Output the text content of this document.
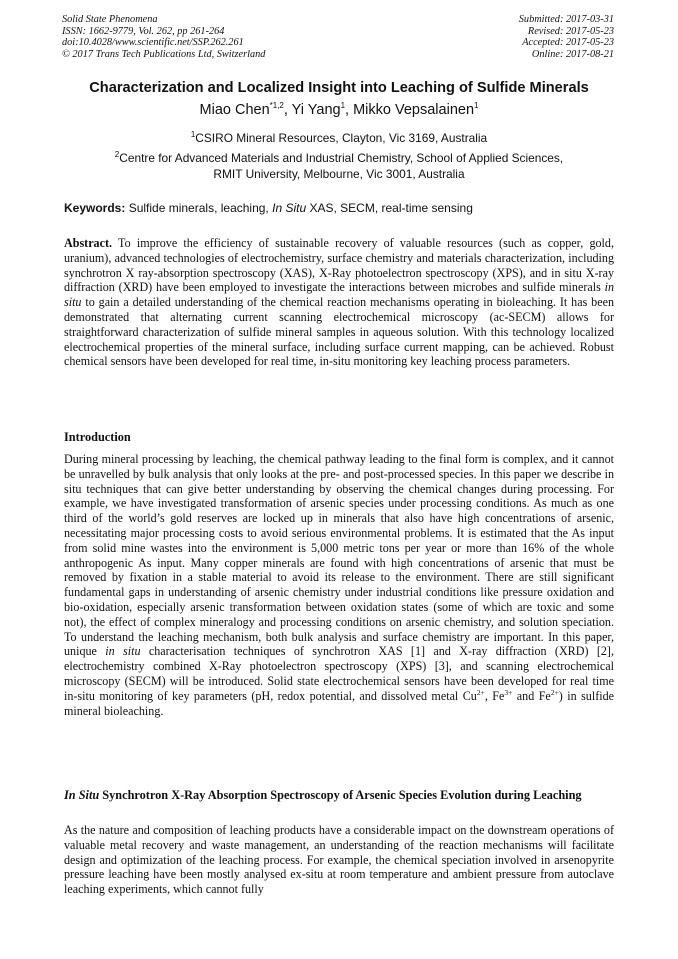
Solid State Phenomena
ISSN: 1662-9779, Vol. 262, pp 261-264
doi:10.4028/www.scientific.net/SSP.262.261
© 2017 Trans Tech Publications Ltd, Switzerland
Submitted: 2017-03-31
Revised: 2017-05-23
Accepted: 2017-05-23
Online: 2017-08-21
Characterization and Localized Insight into Leaching of Sulfide Minerals
Miao Chen$^{*1,2}$, Yi Yang$^1$, Mikko Vepsalainen$^1$
$^1$CSIRO Mineral Resources, Clayton, Vic 3169, Australia
$^2$Centre for Advanced Materials and Industrial Chemistry, School of Applied Sciences,
RMIT University, Melbourne, Vic 3001, Australia
Keywords: Sulfide minerals, leaching, In Situ XAS, SECM, real-time sensing
Abstract. To improve the efficiency of sustainable recovery of valuable resources (such as copper, gold, uranium), advanced technologies of electrochemistry, surface chemistry and materials characterization, including synchrotron X ray-absorption spectroscopy (XAS), X-Ray photoelectron spectroscopy (XPS), and in situ X-ray diffraction (XRD) have been employed to investigate the interactions between microbes and sulfide minerals in situ to gain a detailed understanding of the chemical reaction mechanisms operating in bioleaching. It has been demonstrated that alternating current scanning electrochemical microscopy (ac-SECM) allows for straightforward characterization of sulfide mineral samples in aqueous solution. With this technology localized electrochemical properties of the mineral surface, including surface current mapping, can be achieved. Robust chemical sensors have been developed for real time, in-situ monitoring key leaching process parameters.
Introduction
During mineral processing by leaching, the chemical pathway leading to the final form is complex, and it cannot be unravelled by bulk analysis that only looks at the pre- and post-processed species. In this paper we describe in situ techniques that can give better understanding by observing the chemical changes during processing. For example, we have investigated transformation of arsenic species under processing conditions. As much as one third of the world’s gold reserves are locked up in minerals that also have high concentrations of arsenic, necessitating major processing costs to avoid serious environmental problems. It is estimated that the As input from solid mine wastes into the environment is 5,000 metric tons per year or more than 16% of the whole anthropogenic As input. Many copper minerals are found with high concentrations of arsenic that must be removed by fixation in a stable material to avoid its release to the environment. There are still significant fundamental gaps in understanding of arsenic chemistry under industrial conditions like pressure oxidation and bio-oxidation, especially arsenic transformation between oxidation states (some of which are toxic and some not), the effect of complex mineralogy and processing conditions on arsenic chemistry, and solution speciation. To understand the leaching mechanism, both bulk analysis and surface chemistry are important. In this paper, unique in situ characterisation techniques of synchrotron XAS [1] and X-ray diffraction (XRD) [2], electrochemistry combined X-Ray photoelectron spectroscopy (XPS) [3], and scanning electrochemical microscopy (SECM) will be introduced. Solid state electrochemical sensors have been developed for real time in-situ monitoring of key parameters (pH, redox potential, and dissolved metal $Cu^{2+}$, $Fe^{3+}$ and $Fe^{2+}$) in sulfide mineral bioleaching.
In Situ Synchrotron X-Ray Absorption Spectroscopy of Arsenic Species Evolution during Leaching
As the nature and composition of leaching products have a considerable impact on the downstream operations of valuable metal recovery and waste management, an understanding of the reaction mechanisms will facilitate design and optimization of the leaching process. For example, the chemical speciation involved in arsenopyrite pressure leaching have been mostly analysed ex-situ at room temperature and ambient pressure from autoclave leaching experiments, which cannot fully
